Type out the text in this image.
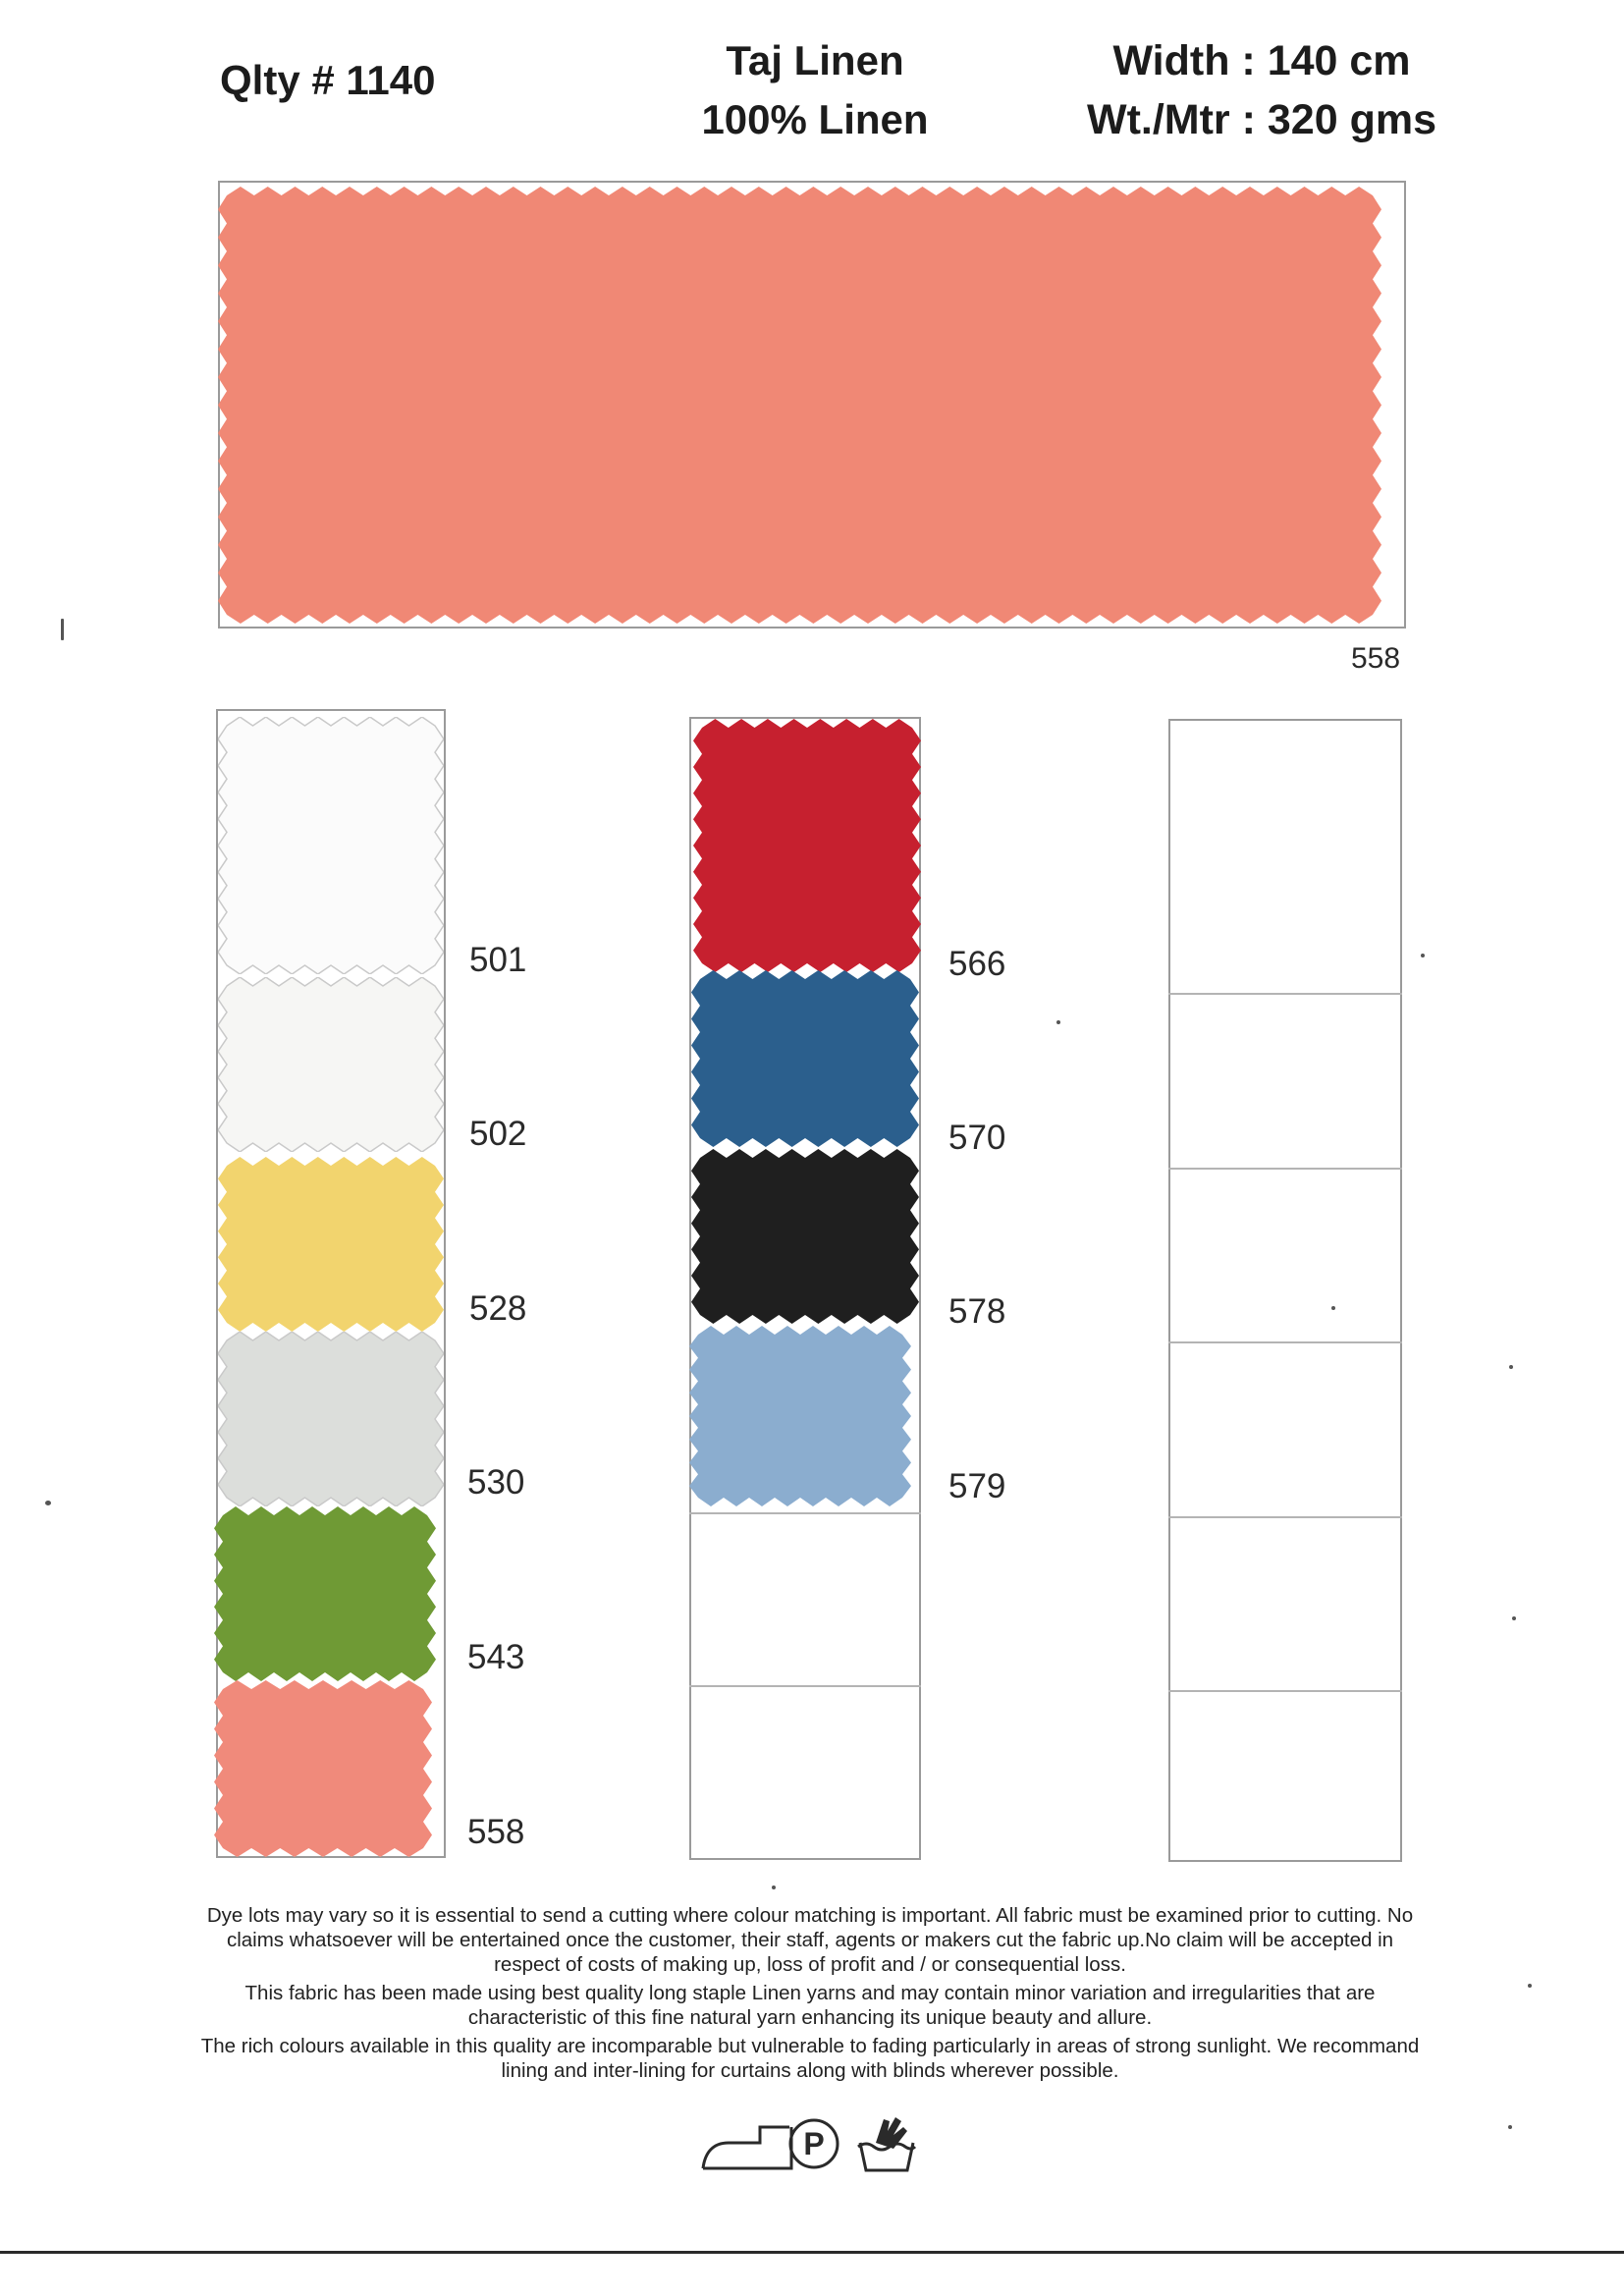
Qlty # 1140	Taj Linen
100% Linen
Width : 140 cm
Wt./Mtr : 320 gms
558
501
502
528
530
543
558
566
570
578
579

Dye lots may vary so it is essential to send a cutting where colour matching is important. All fabric must be examined prior to cutting. No claims whatsoever will be entertained once the customer, their staff, agents or makers cut the fabric up.No claim will be accepted in respect of costs of making up, loss of profit and / or consequential loss.

This fabric has been made using best quality long staple Linen yarns and may contain minor variation and irregularities that are characteristic of this fine natural yarn enhancing its unique beauty and allure.

The rich colours available in this quality are incomparable but vulnerable to fading particularly in areas of strong sunlight. We recommand lining and inter-lining for curtains along with blinds wherever possible.

P
